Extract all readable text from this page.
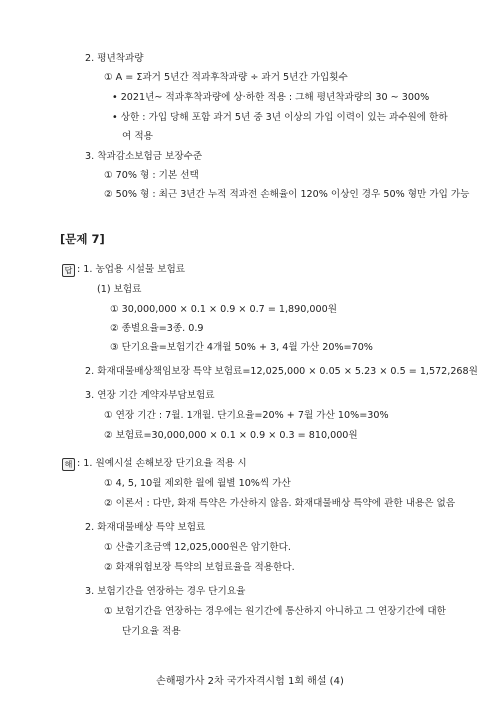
2. 평년착과량
① A = Σ과거 5년간 적과후착과량 ÷ 과거 5년간 가입횟수
• 2021년~ 적과후착과량에 상·하한 적용 : 그해 평년착과량의 30 ~ 300%
• 상한 : 가입 당해 포함 과거 5년 중 3년 이상의 가입 이력이 있는 과수원에 한하
여 적용
3. 착과감소보험금 보장수준
① 70% 형 : 기본 선택
② 50% 형 : 최근 3년간 누적 적과전 손해율이 120% 이상인 경우 50% 형만 가입 가능
[문제 7]
답 : 1. 농업용 시설물 보험료
(1) 보험료
① 30,000,000 × 0.1 × 0.9 × 0.7 = 1,890,000원
② 종별요율=3종. 0.9
③ 단기요율=보험기간 4개월 50% + 3, 4월 가산 20%=70%
2. 화재대물배상책임보장 특약 보험료=12,025,000 × 0.05 × 5.23 × 0.5 = 1,572,268원
3. 연장 기간 계약자부담보험료
① 연장 기간 : 7월. 1개월. 단기요율=20% + 7월 가산 10%=30%
② 보험료=30,000,000 × 0.1 × 0.9 × 0.3 = 810,000원
해 : 1. 원예시설 손해보장 단기요율 적용 시
① 4, 5, 10월 제외한 월에 월별 10%씩 가산
② 이론서 : 다만, 화재 특약은 가산하지 않음. 화재대물배상 특약에 관한 내용은 없음
2. 화재대물배상 특약 보험료
① 산출기초금액 12,025,000원은 암기한다.
② 화재위험보장 특약의 보험료율을 적용한다.
3. 보험기간을 연장하는 경우 단기요율
① 보험기간을 연장하는 경우에는 원기간에 통산하지 아니하고 그 연장기간에 대한
단기요율 적용
손해평가사 2차 국가자격시험 1회 해설 (4)
